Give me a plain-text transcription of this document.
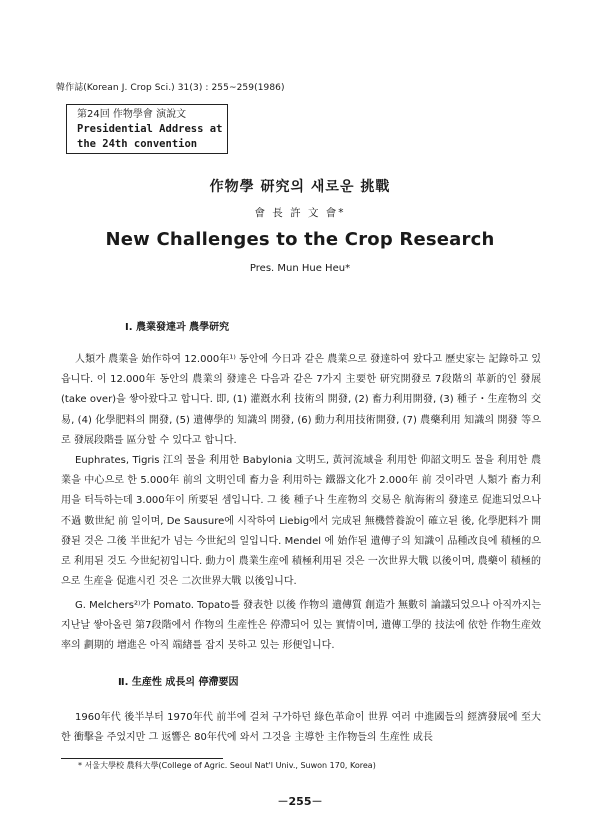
韓作誌(Korean J. Crop Sci.) 31(3) : 255~259(1986)
第24回 作物學會 演說文
Presidential Address at
the 24th convention
作物學 研究의 새로운 挑戰
會 長 許 文 會*
New Challenges to the Crop Research
Pres. Mun Hue Heu*
Ⅰ. 農業發達과 農學研究
人類가 農業을 始作하여 12.000年¹⁾ 동안에 今日과 같은 農業으로 發達하여 왔다고 歷史家는 記錄하고 있읍니다. 이 12.000年 동안의 農業의 發達은 다음과 같은 7가지 主要한 研究開發로 7段階의 革新的인 發展(take over)을 쌓아왔다고 합니다. 即, (1) 灌漑水利 技術의 開發, (2) 畜力利用開發, (3) 種子・生産物의 交易, (4) 化學肥料의 開發, (5) 遺傳學的 知識의 開發, (6) 動力利用技術開發, (7) 農藥利用 知識의 開發 等으로 發展段階를 區分할 수 있다고 합니다.
Euphrates, Tigris 江의 물을 利用한 Babylonia 文明도, 黃河流域을 利用한 仰韶文明도 물을 利用한 農業을 中心으로 한 5.000年 前의 文明인데 畜力을 利用하는 鐵器文化가 2.000年 前 것이라면 人類가 畜力利用을 터득하는데 3.000年이 所要된 셈입니다. 그 後 種子나 生産物의 交易은 航海術의 發達로 促進되었으나 不過 數世紀 前 일이며, De Sausure에 시작하여 Liebig에서 完成된 無機營養說이 確立된 後, 化學肥料가 開發된 것은 그後 半世紀가 넘는 今世紀의 일입니다. Mendel 에 始作된 遺傳子의 知識이 品種改良에 積極的으로 利用된 것도 今世紀初입니다. 動力이 農業生産에 積極利用된 것은 一次世界大戰 以後이며, 農藥이 積極的으로 生産을 促進시킨 것은 二次世界大戰 以後입니다.
G. Melchers²⁾가 Pomato. Topato를 發表한 以後 作物의 遺傳質 創造가 無數히 論議되었으나 아직까지는 지난날 쌓아올린 第7段階에서 作物의 生産性은 停滯되어 있는 實情이며, 遺傳工學的 技法에 依한 作物生産效率의 劃期的 增進은 아직 端緖를 잡지 못하고 있는 形便입니다.
Ⅱ. 生産性 成長의 停滯要因
1960年代 後半부터 1970年代 前半에 걸쳐 구가하던 綠色革命이 世界 여러 中進國들의 經濟發展에 至大한 衝擊을 주었지만 그 返響은 80年代에 와서 그것을 主導한 主作物들의 生産性 成長
* 서울大學校 農科大學(College of Agric. Seoul Nat'l Univ., Suwon 170, Korea)
－255－
